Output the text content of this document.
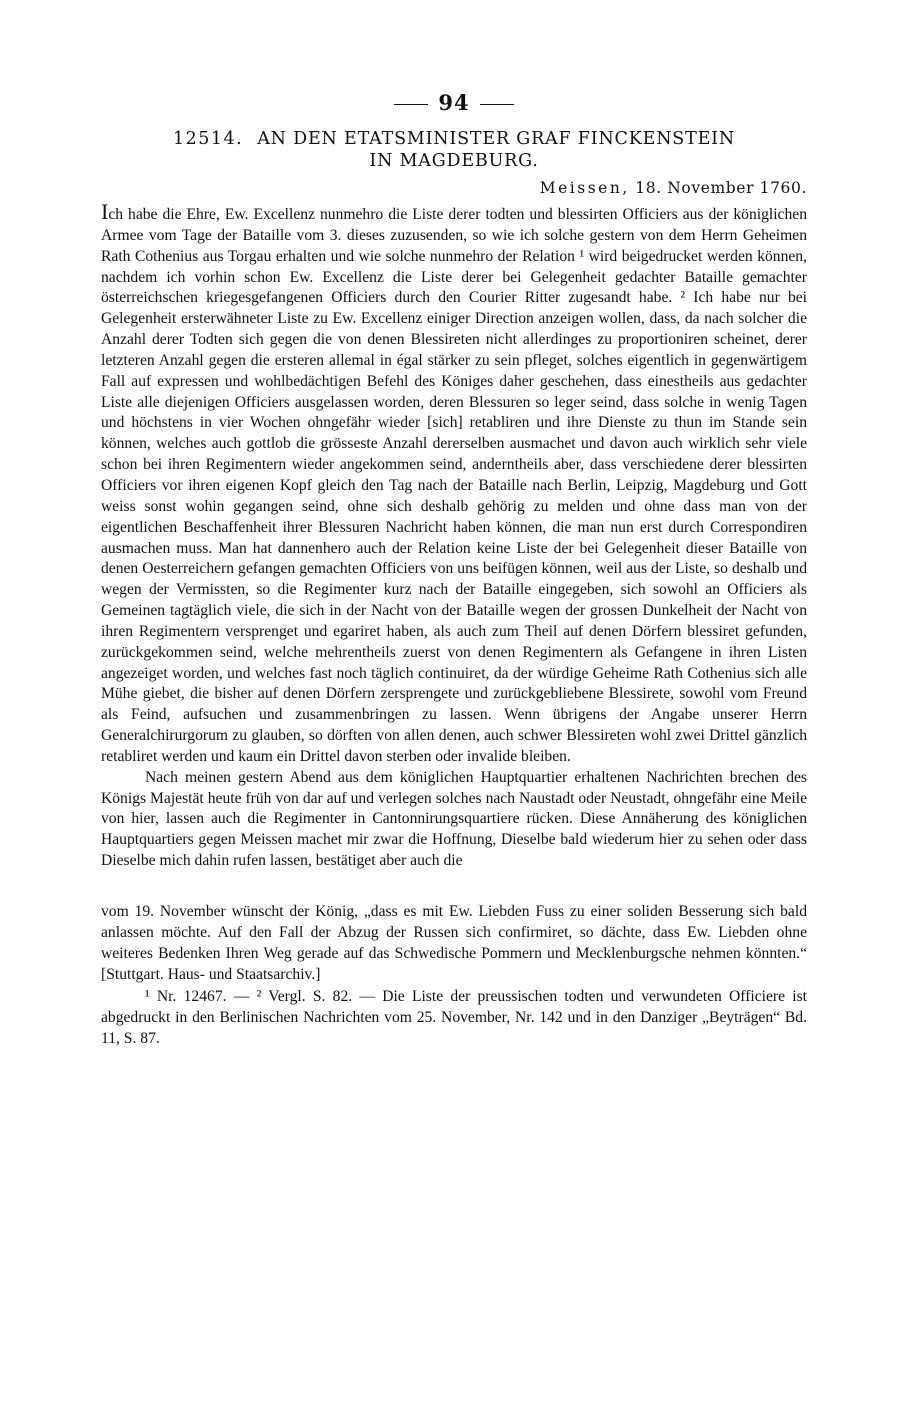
94
12514. AN DEN ETATSMINISTER GRAF FINCKENSTEIN
IN MAGDEBURG.
Meissen, 18. November 1760.

Ich habe die Ehre, Ew. Excellenz nunmehro die Liste derer todten und blessirten Officiers aus der königlichen Armee vom Tage der Bataille vom 3. dieses zuzusenden, so wie ich solche gestern von dem Herrn Geheimen Rath Cothenius aus Torgau erhalten und wie solche nunmehro der Relation ¹ wird beigedrucket werden können, nachdem ich vorhin schon Ew. Excellenz die Liste derer bei Gelegenheit gedachter Bataille gemachter österreichschen kriegesgefangenen Officiers durch den Courier Ritter zugesandt habe. ² Ich habe nur bei Gelegenheit ersterwähneter Liste zu Ew. Excellenz einiger Direction anzeigen wollen, dass, da nach solcher die Anzahl derer Todten sich gegen die von denen Blessireten nicht allerdinges zu proportioniren scheinet, derer letzteren Anzahl gegen die ersteren allemal in égal stärker zu sein pfleget, solches eigentlich in gegenwärtigem Fall auf expressen und wohlbedächtigen Befehl des Königes daher geschehen, dass einestheils aus gedachter Liste alle diejenigen Officiers ausgelassen worden, deren Blessuren so leger seind, dass solche in wenig Tagen und höchstens in vier Wochen ohngefähr wieder [sich] retabliren und ihre Dienste zu thun im Stande sein können, welches auch gottlob die grösseste Anzahl dererselben ausmachet und davon auch wirklich sehr viele schon bei ihren Regimentern wieder angekommen seind, anderntheils aber, dass verschiedene derer blessirten Officiers vor ihren eigenen Kopf gleich den Tag nach der Bataille nach Berlin, Leipzig, Magdeburg und Gott weiss sonst wohin gegangen seind, ohne sich deshalb gehörig zu melden und ohne dass man von der eigentlichen Beschaffenheit ihrer Blessuren Nachricht haben können, die man nun erst durch Correspondiren ausmachen muss. Man hat dannenhero auch der Relation keine Liste der bei Gelegenheit dieser Bataille von denen Oesterreichern gefangen gemachten Officiers von uns beifügen können, weil aus der Liste, so deshalb und wegen der Vermissten, so die Regimenter kurz nach der Bataille eingegeben, sich sowohl an Officiers als Gemeinen tagtäglich viele, die sich in der Nacht von der Bataille wegen der grossen Dunkelheit der Nacht von ihren Regimentern versprenget und egariret haben, als auch zum Theil auf denen Dörfern blessiret gefunden, zurückgekommen seind, welche mehrentheils zuerst von denen Regimentern als Gefangene in ihren Listen angezeiget worden, und welches fast noch täglich continuiret, da der würdige Geheime Rath Cothenius sich alle Mühe giebet, die bisher auf denen Dörfern zersprengete und zurückgebliebene Blessirete, sowohl vom Freund als Feind, aufsuchen und zusammenbringen zu lassen. Wenn übrigens der Angabe unserer Herrn Generalchirurgorum zu glauben, so dörften von allen denen, auch schwer Blessireten wohl zwei Drittel gänzlich retabliret werden und kaum ein Drittel davon sterben oder invalide bleiben.

Nach meinen gestern Abend aus dem königlichen Hauptquartier erhaltenen Nachrichten brechen des Königs Majestät heute früh von dar auf und verlegen solches nach Naustadt oder Neustadt, ohngefähr eine Meile von hier, lassen auch die Regimenter in Cantonnirungsquartiere rücken. Diese Annäherung des königlichen Hauptquartiers gegen Meissen machet mir zwar die Hoffnung, Dieselbe bald wiederum hier zu sehen oder dass Dieselbe mich dahin rufen lassen, bestätiget aber auch die

vom 19. November wünscht der König, „dass es mit Ew. Liebden Fuss zu einer soliden Besserung sich bald anlassen möchte. Auf den Fall der Abzug der Russen sich confirmiret, so dächte, dass Ew. Liebden ohne weiteres Bedenken Ihren Weg gerade auf das Schwedische Pommern und Mecklenburgsche nehmen könnten.“ [Stuttgart. Haus- und Staatsarchiv.]

¹ Nr. 12467. — ² Vergl. S. 82. — Die Liste der preussischen todten und verwundeten Officiere ist abgedruckt in den Berlinischen Nachrichten vom 25. November, Nr. 142 und in den Danziger „Beyträgen“ Bd. 11, S. 87.
